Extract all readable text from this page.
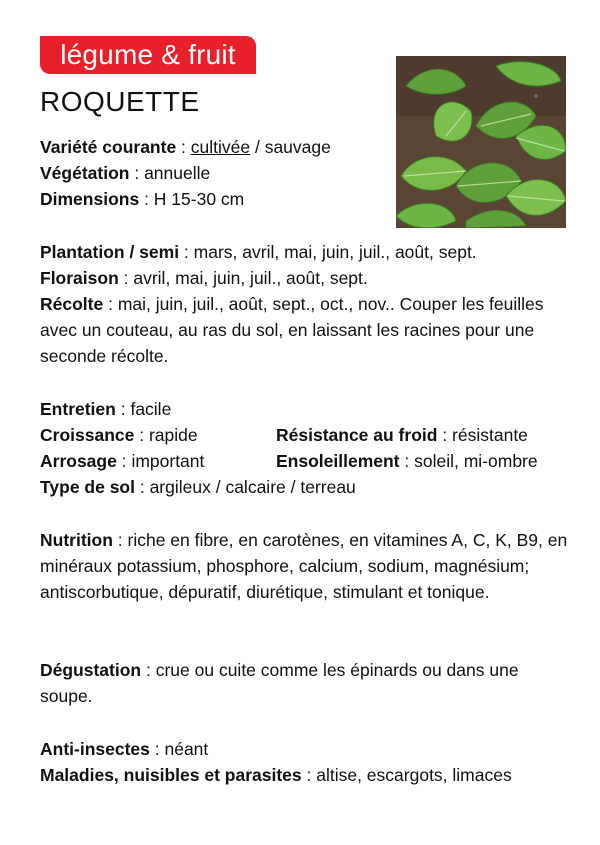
légume & fruit
ROQUETTE
Variété courante : cultivée / sauvage
Végétation : annuelle
Dimensions : H 15-30 cm
Plantation / semi : mars, avril, mai, juin, juil., août, sept.
Floraison : avril, mai, juin, juil., août, sept.
Récolte : mai, juin, juil., août, sept., oct., nov.. Couper les feuilles avec un couteau, au ras du sol, en laissant les racines pour une seconde récolte.
Entretien : facile
Croissance : rapide	Résistance au froid : résistante
Arrosage : important	Ensoleillement : soleil, mi-ombre
Type de sol : argileux / calcaire / terreau
Nutrition : riche en fibre, en carotènes, en vitamines A, C, K, B9, en minéraux potassium, phosphore, calcium, sodium, magnésium; antiscorbutique, dépuratif, diurétique, stimulant et tonique.
Dégustation : crue ou cuite comme les épinards ou dans une soupe.
Anti-insectes : néant
Maladies, nuisibles et parasites : altise, escargots, limaces
